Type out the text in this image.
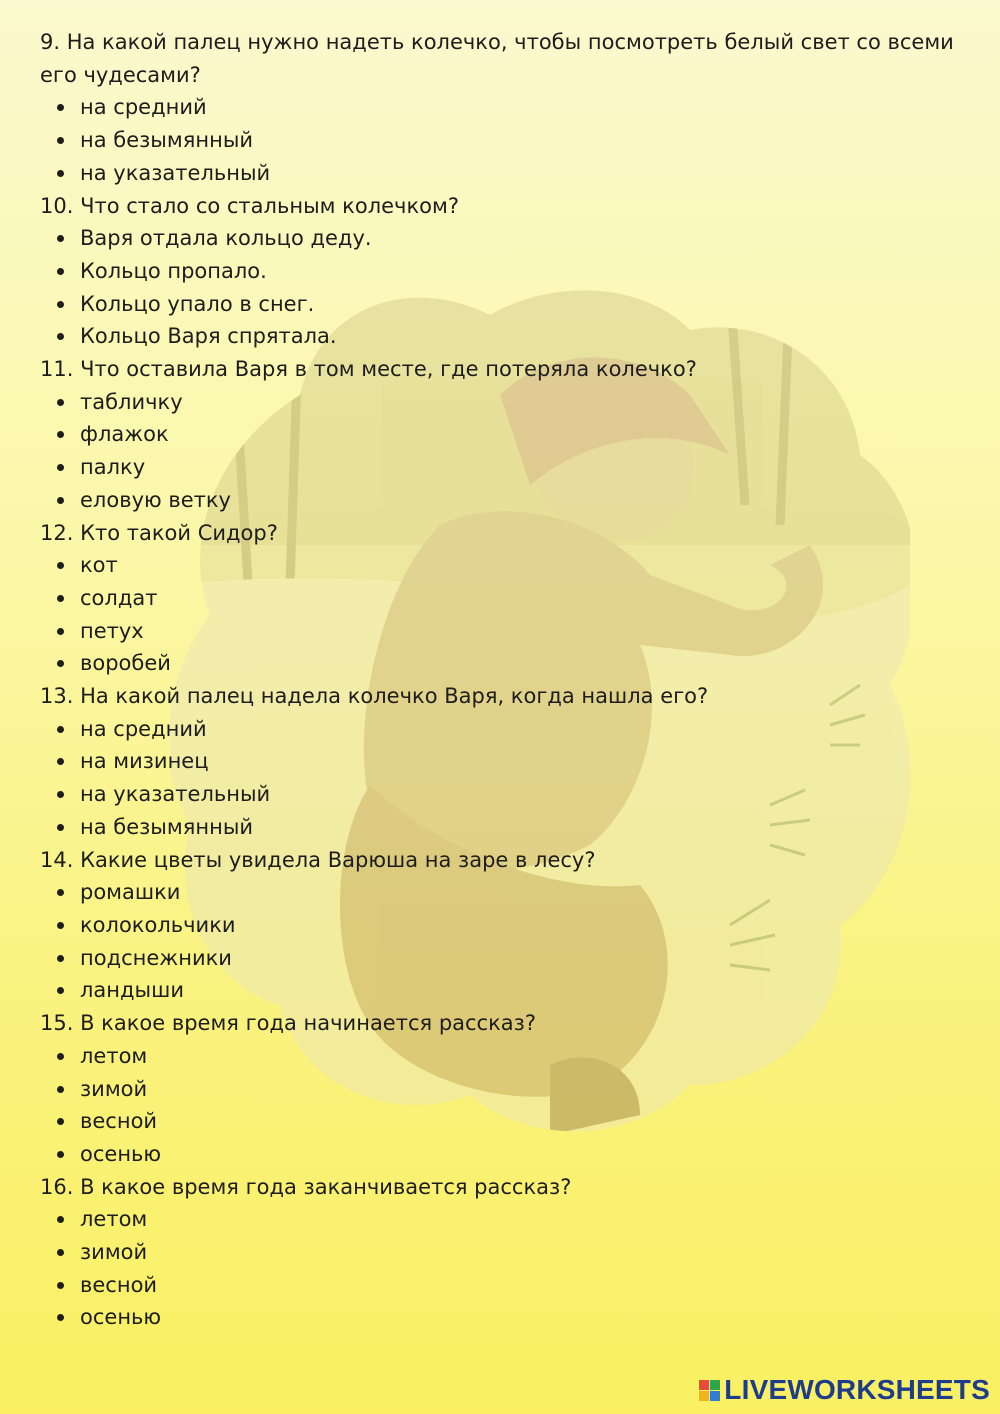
9. На какой палец нужно надеть колечко, чтобы посмотреть белый свет со всеми его чудесами?

на средний
на безымянный
на указательный

10. Что стало со стальным колечком?

Варя отдала кольцо деду.
Кольцо пропало.
Кольцо упало в снег.
Кольцо Варя спрятала.

11. Что оставила Варя в том месте, где потеряла колечко?

табличку
флажок
палку
еловую ветку

12. Кто такой Сидор?

кот
солдат
петух
воробей

13. На какой палец надела колечко Варя, когда нашла его?

на средний
на мизинец
на указательный
на безымянный

14. Какие цветы увидела Варюша на заре в лесу?

ромашки
колокольчики
подснежники
ландыши

15. В какое время года начинается рассказ?

летом
зимой
весной
осенью

16. В какое время года заканчивается рассказ?

летом
зимой
весной
осенью
LIVEWORKSHEETS
